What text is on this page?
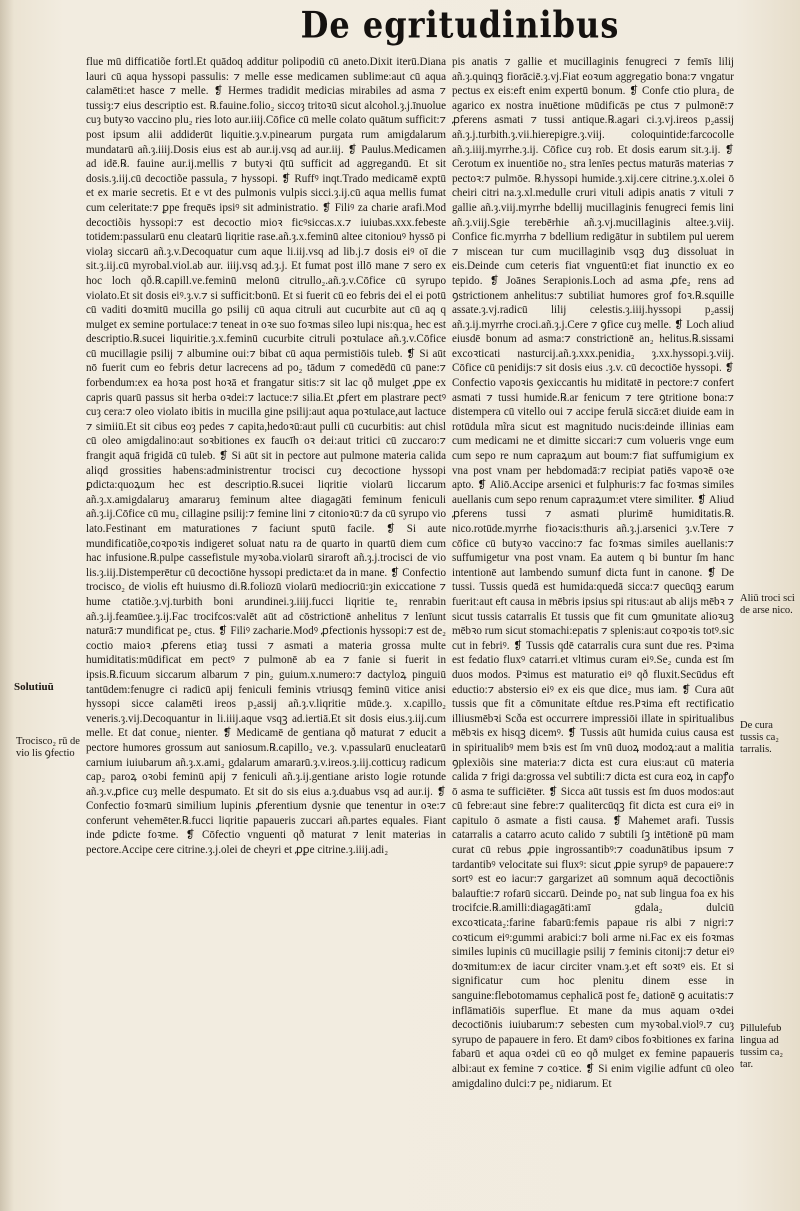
De egritudinibus

flue mū difficatiõe fortl.Et quādoq additur polipodiū cū aneto.Dixit iterū.Diana lauri cū aqua hyssopi passulis: ⁊ melle esse medicamen sublime:aut cū aqua calamēti:et hasce ⁊ melle. ❡ Hermes tradidit medicias mirabiles ad asma ⁊ tussiȝ:⁊ eius descriptio est. ℞.fauine.folio₂ siccoȝ tritoꝛū sicut alcohol.ȝ.j.īnuolue cuȝ butyꝛo vaccino plu₂ ries loto aur.iiij.Cōfice cū melle colato quātum sufficit:⁊ post ipsum alii addiderūt liquitie.ȝ.v.pinearum purgata rum amigdalarum mundatarū añ.ȝ.iiij.Dosis eius est ab aur.ij.vsq ad aur.iij. ❡ Paulus.Medicamen ad idē.℞. fauine aur.ij.mellis ⁊ butyꝛi q̄tū sufficit ad aggregandū. Et sit dosis.ȝ.iij.cū decoctiõe passula₂ ⁊ hyssopi. ❡ Ruffꝰ inqt.Trado medicamē exptū et ex marie secretis. Et e vt des pulmonis vulpis sicci.ȝ.ij.cū aqua mellis fumat cum celeritate:⁊ ꝑpe frequēs ipsiꝰ sit administratio. ❡ Filiꝰ za charie arafi.Mod decoctiõis hyssopi:⁊ est decoctio mioꝛ ficꝰsiccas.x.⁊ iuiubas.xxx.febeste totidem:passularū enu cleatarū liqritie rase.añ.ȝ.x.feminū altee citoniouꝰ hyssō pi violaȝ siccarū añ.ȝ.v.Decoquatur cum aque li.iij.vsq ad lib.j.⁊ dosis eiꝰ oī die sit.ȝ.iij.cū myrobal.viol.ab aur. iiij.vsq ad.ȝ.j. Et fumat post illō mane ⁊ sero ex hoc loch qð.℞.capill.ve.feminū melonū citrullo₂.añ.ȝ.v.Cōfice cū syrupo violato.Et sit dosis eiꝰ.ȝ.v.⁊ si sufficit:bonū. Et si fuerit cū eo febris dei el ei potū cū vaditi doꝛmitū mucilla go psilij cū aqua citruli aut cucurbite aut cū aq q mulget ex semine portulace:⁊ teneat in oꝛe suo foꝛmas sileo lupi nis:qua₂ hec est descriptio.℞.sucei liquiritie.ȝ.x.feminū cucurbite citruli poꝛtulace añ.ȝ.v.Cōfice cū mucillagie psilij ⁊ albumine oui:⁊ bibat cū aqua permistiōis tuleb. ❡ Si aūt nō fuerit cum eo febris detur lacrecens ad po₂ tādum ⁊ comedēdū cū pane:⁊ forbendum:ex ea hoꝛa post hoꝛā et frangatur sitis:⁊ sit lac qð mulget ꝓpe ex capris quarū passus sit herba oꝛdei:⁊ lactuce:⁊ silia.Et ꝓfert em plastrare pectꝰ cuȝ cera:⁊ oleo violato ibitis in mucilla gine psilij:aut aqua poꝛtulace,aut lactuce ⁊ simiiū.Et sit cibus eoȝ pedes ⁊ capita,hedoꝛū:aut pulli cū cucurbitis: aut chisl cū oleo amigdalino:aut soꝛbitiones ex faucīh oꝛ dei:aut tritici cū zuccaro:⁊ frangit aquā frigidā cū tuleb. ❡ Si aūt sit in pectore aut pulmone materia calida aliqd grossities habens:administrentur trocisci cuȝ decoctione hyssopi ꝑdicta:quoꝝum hec est descriptio.℞.sucei liqritie violarū liccarum añ.ȝ.x.amigdalaruȝ amararuȝ feminum altee diagagāti feminum feniculi añ.ȝ.ij.Cōfice cū mu₂ cillagine psilij:⁊ femine lini ⁊ citonioꝛū:⁊ da cū syrupo vio lato.Festinant em maturationes ⁊ faciunt sputū facile. ❡ Si aute mundificatiõe,coꝛpoꝛis indigeret soluat natu ra de quarto in quartū diem cum hac infusione.℞.pulpe cassefistule myꝛoba.violarū siraroft añ.ȝ.j.trocisci de vio lis.ȝ.iij.Distemperētur cū decoctiōne hyssopi predicta:et da in mane. ❡ Confectio trocisco₂ de violis eft huiusmo di.℞.foliozū violarū mediocriū:ȝin exiccatione ⁊ hume ctatiõe.ȝ.vj.turbith boni arundinei.ȝ.iiij.fucci liqritie te₂ renrabin añ.ȝ.ij.feamūee.ȝ.ij.Fac trocifcos:valēt aūt ad cōstrictionē anhelitus ⁊ lenīunt naturā:⁊ mundificat pe₂ ctus. ❡ Filiꝰ zacharie.Modꝰ ꝓfectionis hyssopi:⁊ est de₂ coctio maioꝛ ꝓferens etiaȝ tussi ⁊ asmati a materia grossa multe humiditatis:mūdificat em pectꝰ ⁊ pulmonē ab ea ⁊ fanie si fuerit in ipsis.℞.ficuum siccarum albarum ⁊ pin₂ guium.x.numero:⁊ dactyloꝝ pinguiū tantūdem:fenugre ci radicū apij feniculi feminis vtriusqꝫ feminū vitice anisi hyssopi sicce calamēti ireos p₂assij añ.ȝ.v.liqritie mūde.ȝ. x.capillo₂ veneris.ȝ.vij.Decoquantur in li.iiij.aque vsqꝫ ad.iertiā.Et sit dosis eius.ȝ.iij.cum melle. Et dat conue₂ nienter. ❡ Medicamē de gentiana qð maturat ⁊ educit a pectore humores grossum aut saniosum.℞.capillo₂ ve.ȝ. v.passularū enucleatarū carnium iuiubarum añ.ȝ.x.ami₂ gdalarum amararū.ȝ.v.ireos.ȝ.iij.cotticuȝ radicum cap₂ paroꝝ oꝛobi feminū apij ⁊ feniculi añ.ȝ.ij.gentiane aristo logie rotunde añ.ȝ.v.ꝓfice cuȝ melle despumato. Et sit do sis eius a.ȝ.duabus vsq ad aur.ij. ❡ Confectio foꝛmarū similium lupinis ꝓferentium dysnie que tenentur in oꝛe:⁊ conferunt vehemēter.℞.fucci liqritie papaueris zuccari añ.partes equales. Fiant inde ꝑdicte foꝛme. ❡ Cōfectio vnguenti qð maturat ⁊ lenit materias in pectore.Accipe cere citrine.ȝ.j.olei de cheyri et ꝓꝑe citrine.ȝ.iiij.adi₂

pis anatis ⁊ gallie et mucillaginis fenugreci ⁊ femīs lilij añ.ȝ.quinqꝫ fiorāciē.ȝ.vj.Fiat eoꝛum aggregatio bona:⁊ vngatur pectus ex eis:eft enim expertū bonum. ❡ Confe ctio plura₂ de agarico ex nostra inuētione mūdificās pe ctus ⁊ pulmonē:⁊ ꝓferens asmati ⁊ tussi antique.℞.agari ci.ȝ.vj.ireos p₂assij añ.ȝ.j.turbith.ȝ.vii.hierepigre.ȝ.viij. coloquintide:farcocolle añ.ȝ.iiij.myrrhe.ȝ.ij. Cōfice cuȝ rob. Et dosis earum sit.ȝ.ij. ❡ Cerotum ex inuentiōe no₂ stra lenīes pectus maturās materias ⁊ pectoꝛ:⁊ pulmōe. ℞.hyssopi humide.ȝ.xij.cere citrine.ȝ.x.olei ō cheiri citri na.ȝ.xl.medulle cruri vituli adipis anatis ⁊ vituli ⁊ gallie añ.ȝ.viij.myrrhe bdellij mucillaginis fenugreci femis lini añ.ȝ.viij.Sgie terebērhie añ.ȝ.vj.mucillaginis altee.ȝ.viij. Confice fic.myrrha ⁊ bdellium redigātur in subtilem pul uerem ⁊ miscean tur cum mucillaginib vsqꝫ duꝫ dissoluat in eis.Deinde cum ceteris fiat vnguentū:et fiat inunctio ex eo tepido. ❡ Joānes Serapionis.Loch ad asma ꝓfe₂ rens ad ꝯstrictionem anhelitus:⁊ subtiliat humores grof foꝛ.℞.squille assate.ȝ.vj.radicū lilij celestis.ȝ.iiij.hyssopi p₂assij añ.ȝ.ij.myrrhe croci.añ.ȝ.j.Cere ⁊ ꝯfice cuȝ melle. ❡ Loch aliud eiusdē bonum ad asma:⁊ constrictionē an₂ helitus.℞.sissami excoꝛticati nasturcij.añ.ȝ.xxx.penidia₂ ȝ.xx.hyssopi.ȝ.viij. Cōfice cū penidijs:⁊ sit dosis eius .ȝ.v. cū decoctiōe hyssopi. ❡ Confectio vapoꝛis ꝯexiccantis hu miditatē in pectore:⁊ confert asmati ⁊ tussi humide.℞.ar fenicum ⁊ tere ꝯtritione bona:⁊ distempera cū vitello oui ⁊ accipe ferulā siccā:et diuide eam in rotūdula mĩra sicut est magnitudo nucis:deinde illinias eam cum medicami ne et dimitte siccari:⁊ cum volueris vnge eum cum sepo re num capraꝝum aut boum:⁊ fiat suffumigium ex vna post vnam per hebdomadā:⁊ recipiat patiēs vapoꝛē oꝛe apto. ❡ Aliō.Accipe arsenici et fulphuris:⁊ fac foꝛmas similes auellanis cum sepo renum capraꝝum:et vtere similiter. ❡ Aliud ꝓferens tussi ⁊ asmati plurimē humiditatis.℞. nico.rotūde.myrrhe fioꝛacis:thuris añ.ȝ.j.arsenici ȝ.v.Tere ⁊ cōfice cū butyꝛo vaccino:⁊ fac foꝛmas similes auellanis:⁊ suffumigetur vna post vnam. Ea autem q bi buntur ſm hanc intentionē aut lambendo sumunf dicta funt in canone. ❡ De tussi. Tussis quedā est humida:quedā sicca:⁊ quecūqꝫ earum fuerit:aut eft causa in mēbris ipsius spi ritus:aut ab alijs mēbꝛ ⁊ sicut tussis catarralis Et tussis que fit cum ꝯmunitate alioꝛuꝫ mēbꝛo rum sicut stomachi:epatis ⁊ splenis:aut coꝛpoꝛis totꝰ.sic cut in febriꝰ. ❡ Tussis qdē catarralis cura sunt due res. Pꝛima est fedatio fluxꝰ catarri.et vltimus curam eiꝰ.Se₂ cunda est ſm duos modos. Pꝛimus est maturatio eiꝰ qð fluxit.Secūdus eft eductio:⁊ abstersio eiꝰ ex eis que dice₂ mus iam. ❡ Cura aūt tussis que fit a cōmunitate eſtdue res.Pꝛima eft rectificatio illiusmēbꝛi Scða est occurrere impressiōi illate in spiritualibus mēbꝛis ex hisqꝫ dicemꝰ. ❡ Tussis aūt humida cuius causa est in spiritualibꝰ mem bꝛis est ſm vnū duoꝝ modoꝝ:aut a malitia ꝯplexiõis sine materia:⁊ dicta est cura eius:aut cū materia calida ⁊ frigi da:grossa vel subtili:⁊ dicta est cura eoꝝ in capꝭo ō asma te sufficiēter. ❡ Sicca aūt tussis est ſm duos modos:aut cū febre:aut sine febre:⁊ qualitercūqꝫ fit dicta est cura eiꝰ in capitulo ō asmate a fisti causa. ❡ Mahemet arafi. Tussis catarralis a catarro acuto calido ⁊ subtili ſꝫ intētionē pū mam curat cū rebus ꝓpie ingrossantibꝰ:⁊ coadunātibus ipsum ⁊ tardantibꝰ velocitate sui fluxꝰ: sicut ꝓpie syrupꝰ de papauere:⁊ sortꝰ est eo iacur:⁊ gargarizet aū somnum aquā decoctiõnis balauftie:⁊ rofarū siccarū. Deinde po₂ nat sub lingua foa ex his trocifcie.℞.amilli:diagagāti:amī gdala₂ dulciū excoꝛticata₂:farine fabarū:femis papaue ris albi ⁊ nigri:⁊ coꝛticum eiꝰ:gummi arabici:⁊ boli arme ni.Fac ex eis foꝛmas similes lupinis cū mucillagie psilij ⁊ feminis citonij:⁊ detur eiꝰ doꝛmitum:ex de iacur circiter vnam.ȝ.et eft soꝛtꝰ eis. Et si significatur cum hoc plenitu dinem esse in sanguine:flebotomamus cephalicā post fe₂ dationē ꝯ acuitatis:⁊ inflāmatiōis superflue. Et mane da mus aquam oꝛdei decoctiōnis iuiubarum:⁊ sebesten cum myꝛobal.violꝰ.⁊ cuȝ syrupo de papauere in fero. Et damꝰ cibos foꝛbitiones ex farina fabarū et aqua oꝛdei cū eo qð mulget ex femine papaueris albi:aut ex femine ⁊ coꝛtice. ❡ Si enim vigilie adfunt cū oleo amigdalino dulci:⁊ pe₂ nidiarum. Et

Solutiuū
Trocisco₂ rū de vio lis ꝯfectio
Aliū troci sci de arse nico.
De cura tussis ca₂ tarralis.
Pillulefub lingua ad tussim ca₂ tar.
